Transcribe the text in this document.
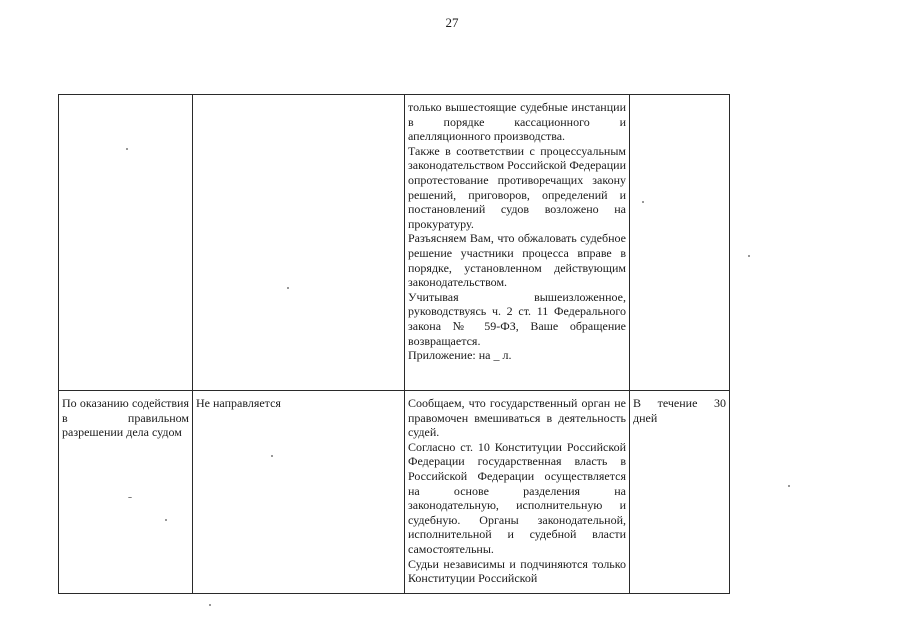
27

только вышестоящие судебные инстанции в порядке кассационного и апелляционного производства.

Также в соответствии с процессуальным законодательством Российской Федерации опротестование противоречащих закону решений, приговоров, определений и постановлений судов возложено на прокуратуру.

Разъясняем Вам, что обжаловать судебное решение участники процесса вправе в порядке, установленном действующим законодательством.

Учитывая вышеизложенное, руководствуясь ч. 2 ст. 11 Федерального закона № 59-ФЗ, Ваше обращение возвращается.

Приложение: на _ л.

По оказанию содействия в правильном разрешении дела судом

Не направляется	Сообщаем, что государственный орган не правомочен вмешиваться в деятельность судей.

Согласно ст. 10 Конституции Российской Федерации государственная власть в Российской Федерации осуществляется на основе разделения на законодательную, исполнительную и судебную. Органы законодательной, исполнительной и судебной власти самостоятельны.

Судьи независимы и подчиняются только Конституции Российской

В течение 30 дней
